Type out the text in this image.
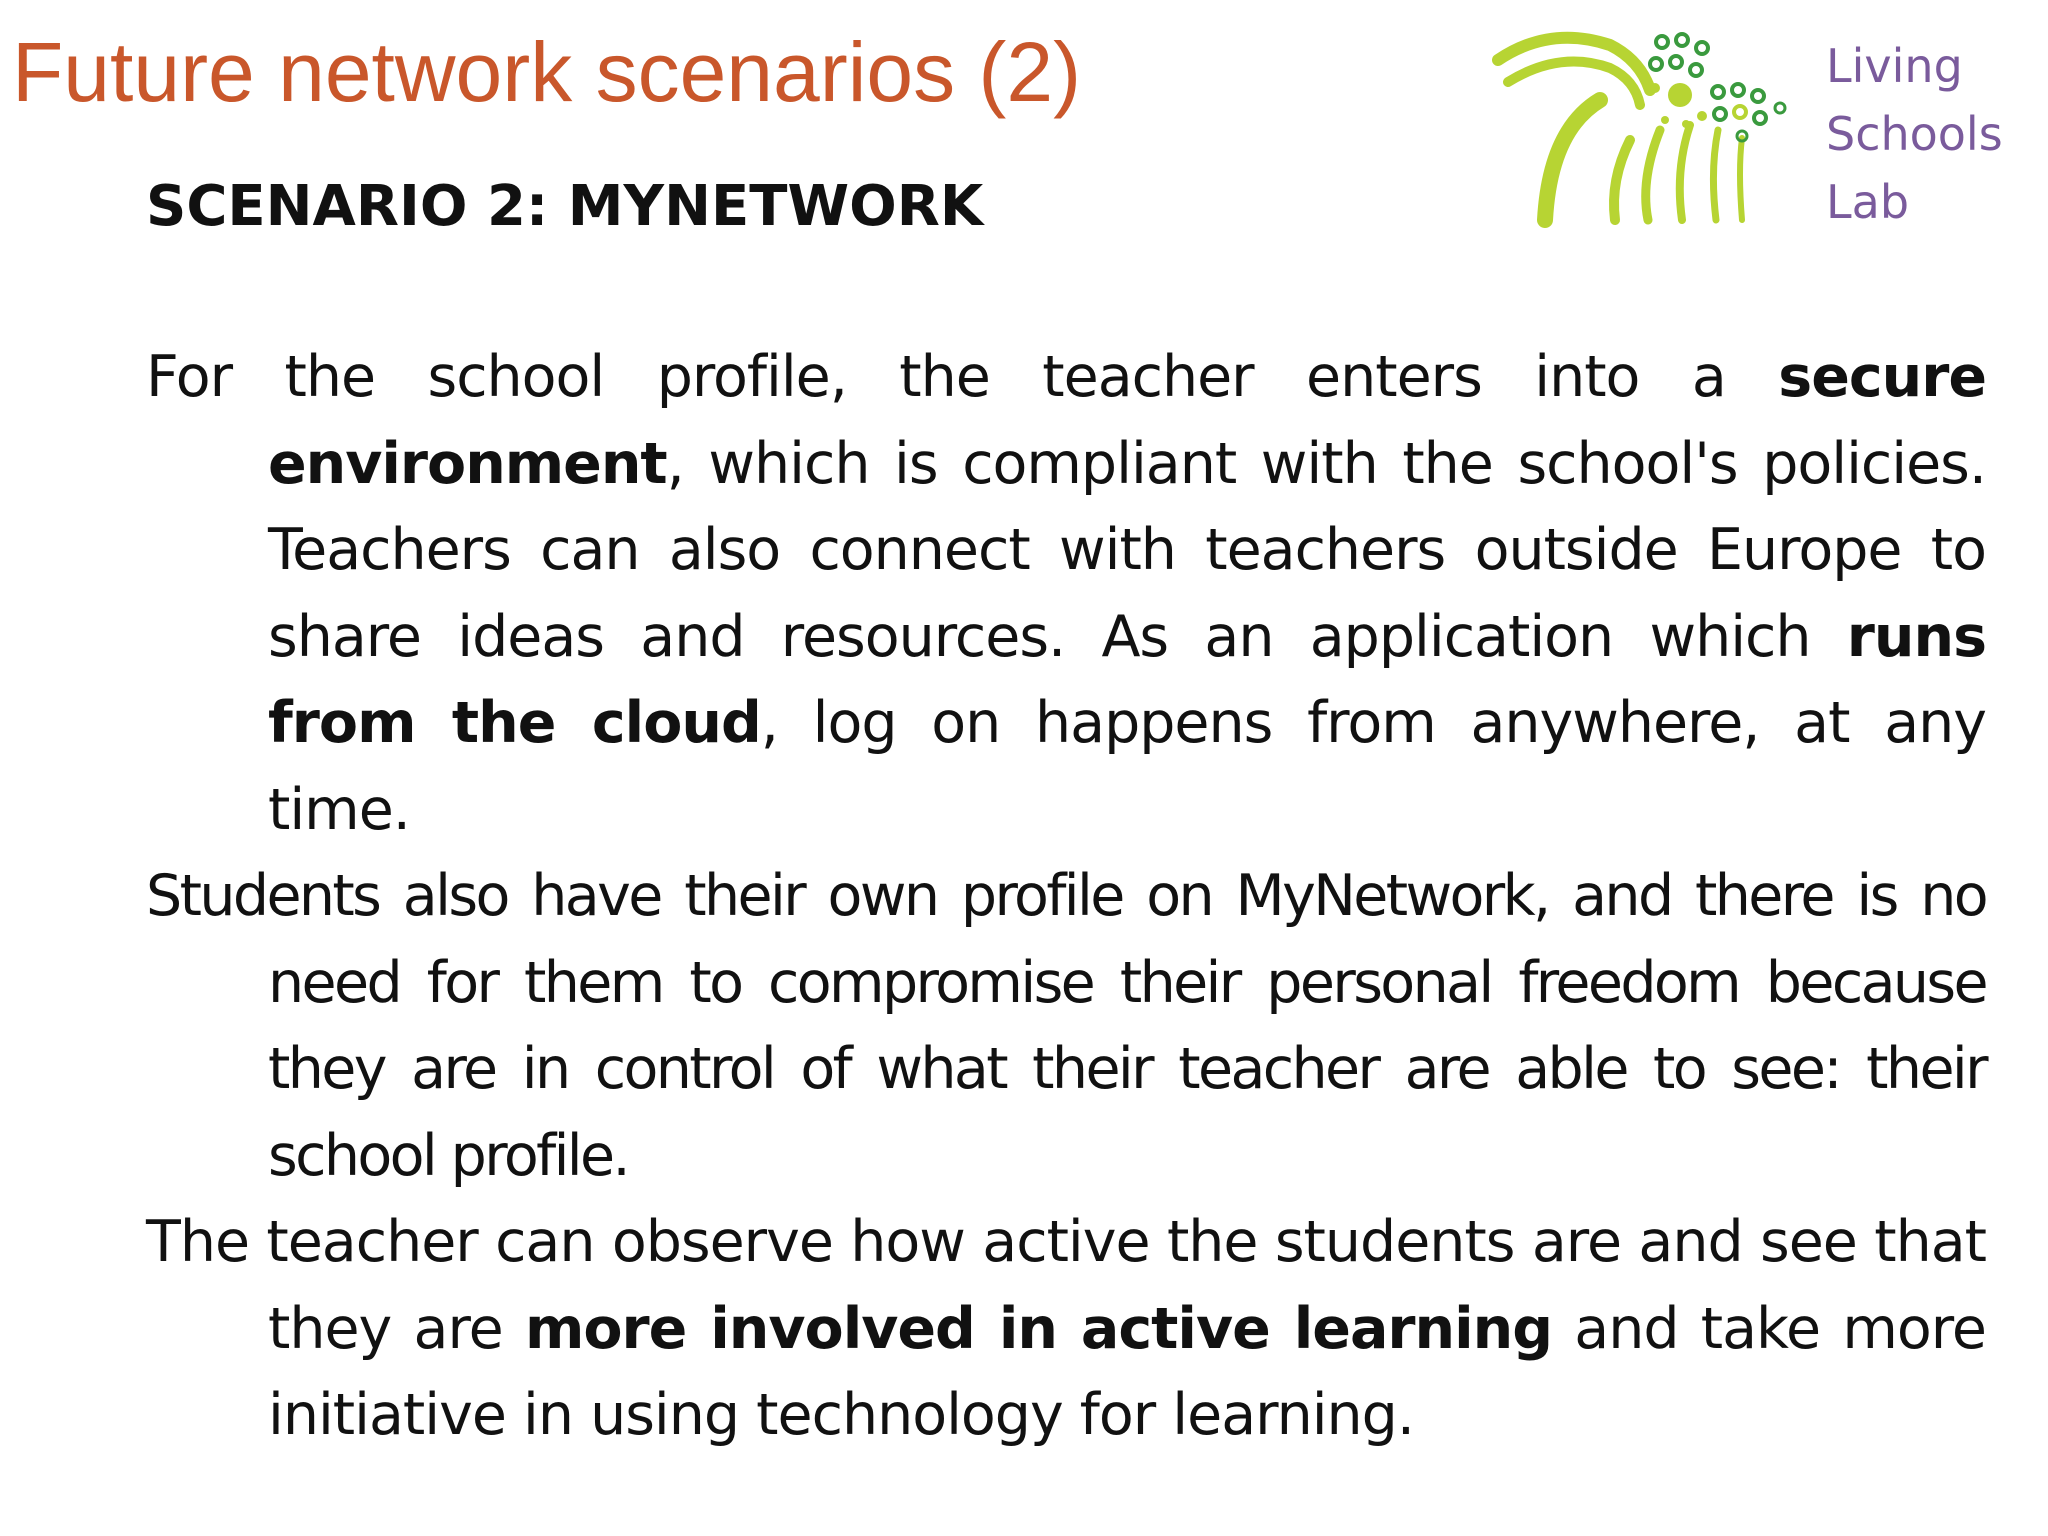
Future network scenarios (2)	Living
Schools
Lab
SCENARIO 2: MYNETWORK

For the school profile, the teacher enters into a secure environment, which is compliant with the school's policies. Teachers can also connect with teachers outside Europe to share ideas and resources. As an application which runs from the cloud, log on happens from anywhere, at any time.

Students also have their own profile on MyNetwork, and there is no need for them to compromise their personal freedom because they are in control of what their teacher are able to see: their school profile.

The teacher can observe how active the students are and see that they are more involved in active learning and take more initiative in using technology for learning.
